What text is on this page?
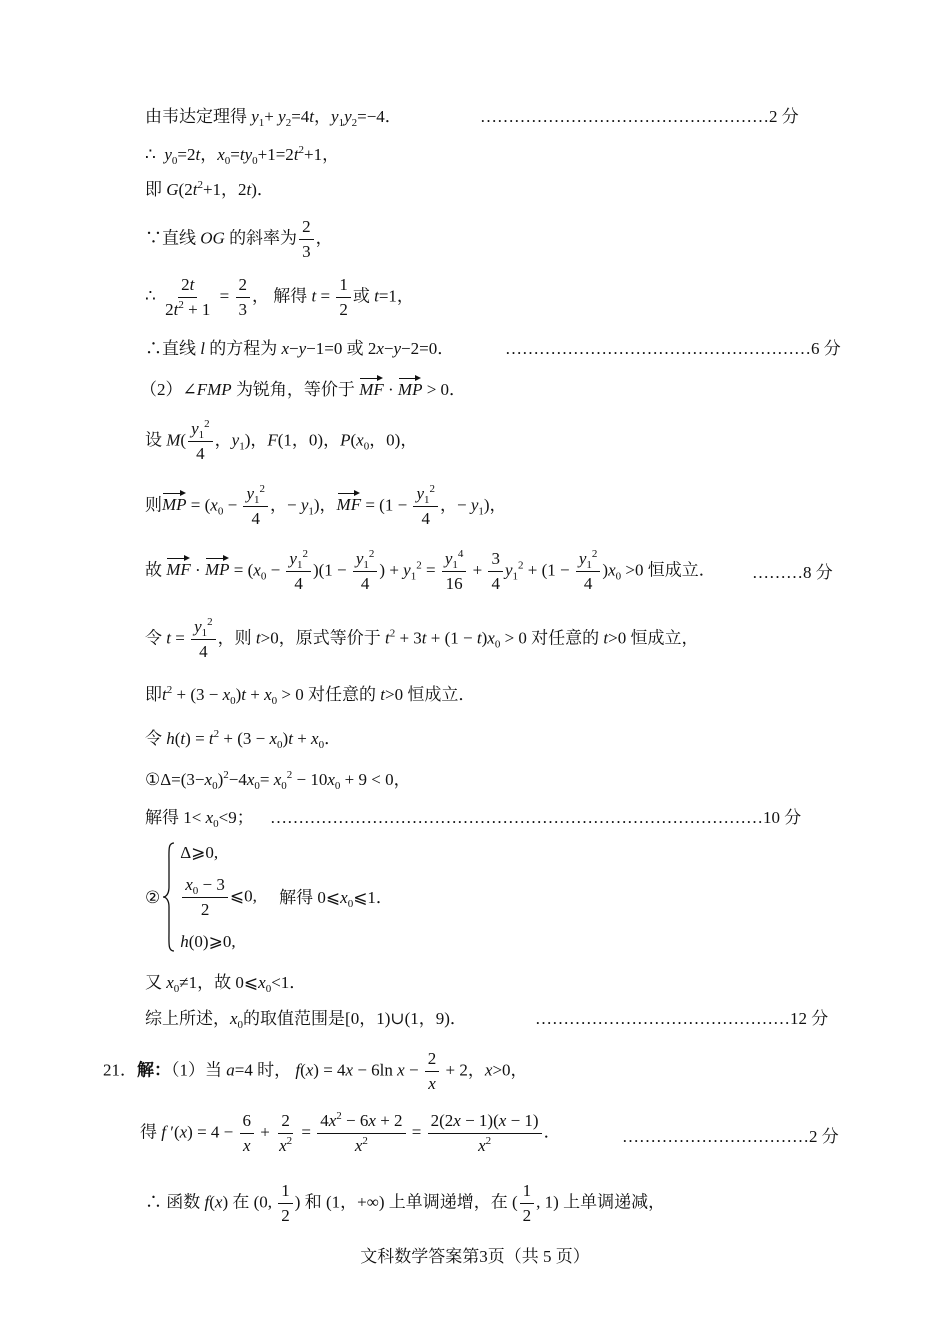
由韦达定理得 $y_1+ y_2=4t$，$y_1y_2=-4$．	……………………………………………2 分
∴ $y_0=2t$，$x_0=ty_0+1=2t^2+1$，
即 $G(2t^2+1$，2t)．
∵直线 OG 的斜率为 $\frac{2}{3}$ ，
∴ $\frac{2t}{2t^2 + 1} = \frac{2}{3}$ ， 解得 $t = \frac{1}{2}$ 或 t=1，
∴直线 l 的方程为 x−y−1=0 或 2x−y−2=0．	………………………………………………6 分
（2）∠FMP 为锐角，等价于 MF · MP > 0．
设 $M( \frac{y_1^2}{4}$ ，$y_1$)，F(1，0)，$P(x_0$，0)，
则MP = ($x_0 - \frac{y_1^2}{4}$ ，− $y_1$)，MF = ($1 - \frac{y_1^2}{4}$ ，− $y_1$)，
故 MF · MP = $(x_0 - \frac{y_1^2}{4} )(1 - \frac{y_1^2}{4}$ ) + $y_1^2 = \frac{y_1^4}{16} + \frac{3}{4} y_1^2 + (1 - \frac{y_1^2}{4} )x_0 >0$ 恒成立． ………8 分
令 $t = \frac{y_1^2}{4}$ ，则 t>0，原式等价于 $t^2 + 3t + (1 - t)x_0 > 0$ 对任意的 t>0 恒成立，
即$t^2 + (3 - x_0)t + x_0 > 0$ 对任意的 t>0 恒成立．
令 $h(t) = t^2 + (3 - x_0)t + x_0$．
$①\Delta=(3-x_0)^2-4x_0= x_0^2 - 10x_0 + 9 < 0$，
解得 $1< x_0<9$； ……………………………………………………………………………10 分
②
Δ⩾0,
$\frac{x_0 - 3}{2}$ ⩽0,
h(0)⩾0,
解得 $0⩽x_0⩽1$．
又 $x_0\ne 1$，故 $0⩽x_0<1$．
综上所述，$x_0$的取值范围是[0，1)∪(1，9)．	………………………………………12 分
21．解：（1）当 a=4 时， f(x) = 4x − 6ln $x - \frac{2}{x} + 2$，x>0，
得 f $'(x) = 4 - \frac{6}{x} + \frac{2}{x^2} = \frac{4x^2 - 6x + 2}{x^2} = \frac{2(2x - 1)(x - 1)}{x^2}$ ．	……………………………2 分
∴ 函数 f(x) 在 (0, $\frac{1}{2}$ ) 和 (1，+∞) 上单调递增，在 ( $\frac{1}{2}$ , 1) 上单调递减，
文科数学答案第3页（共 5 页）
